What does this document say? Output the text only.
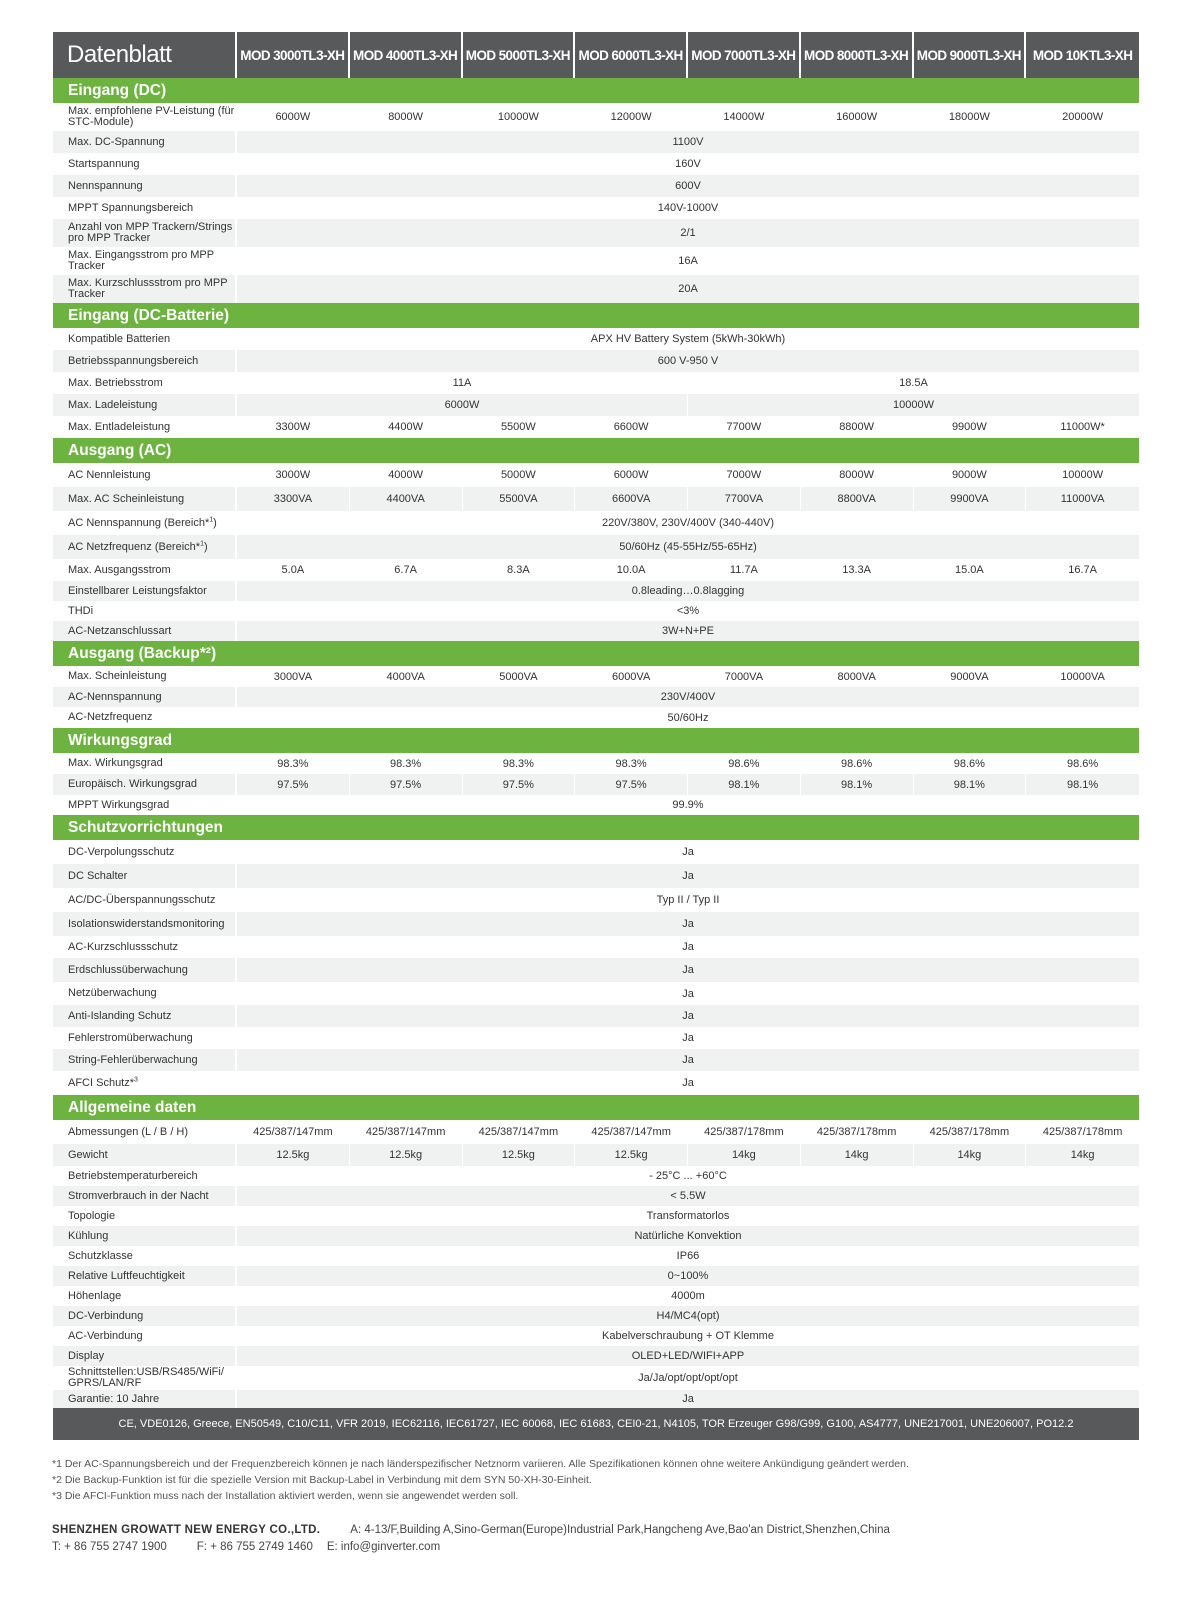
Datenblatt	MOD 3000TL3-XH	MOD 4000TL3-XH	MOD 5000TL3-XH	MOD 6000TL3-XH	MOD 7000TL3-XH	MOD 8000TL3-XH	MOD 9000TL3-XH	MOD 10KTL3-XH
Eingang (DC)								
Max. empfohlene PV-Leistung (für STC-Module)	6000W	8000W	10000W	12000W	14000W	16000W	18000W	20000W
Max. DC-Spannung	1100V							
Startspannung	160V							
Nennspannung	600V							
MPPT Spannungsbereich	140V-1000V							
Anzahl von MPP Trackern/Strings pro MPP Tracker	2/1							
Max. Eingangsstrom pro MPP Tracker	16A							
Max. Kurzschlussstrom pro MPP Tracker	20A							
Eingang (DC-Batterie)								
Kompatible Batterien	APX HV Battery System (5kWh-30kWh)							
Betriebsspannungsbereich	600 V-950 V							
Max. Betriebsstrom	11A				18.5A			
Max. Ladeleistung	6000W				10000W			
Max. Entladeleistung	3300W	4400W	5500W	6600W	7700W	8800W	9900W	11000W*
Ausgang (AC)								
AC Nennleistung	3000W	4000W	5000W	6000W	7000W	8000W	9000W	10000W
Max. AC Scheinleistung	3300VA	4400VA	5500VA	6600VA	7700VA	8800VA	9900VA	11000VA
AC Nennspannung (Bereich*$^1$)	220V/380V, 230V/400V (340-440V)							
AC Netzfrequenz (Bereich*$^1$)	50/60Hz (45-55Hz/55-65Hz)							
Max. Ausgangsstrom	5.0A	6.7A	8.3A	10.0A	11.7A	13.3A	15.0A	16.7A
Einstellbarer Leistungsfaktor	0.8leading…0.8lagging							
THDi	<3%							
AC-Netzanschlussart	3W+N+PE							
Ausgang (Backup*²)								
Max. Scheinleistung	3000VA	4000VA	5000VA	6000VA	7000VA	8000VA	9000VA	10000VA
AC-Nennspannung	230V/400V							
AC-Netzfrequenz	50/60Hz							
Wirkungsgrad								
Max. Wirkungsgrad	98.3%	98.3%	98.3%	98.3%	98.6%	98.6%	98.6%	98.6%
Europäisch. Wirkungsgrad	97.5%	97.5%	97.5%	97.5%	98.1%	98.1%	98.1%	98.1%
MPPT Wirkungsgrad	99.9%							
Schutzvorrichtungen								
DC-Verpolungsschutz	Ja							
DC Schalter	Ja							
AC/DC-Überspannungsschutz	Typ II / Typ II							
Isolationswiderstandsmonitoring	Ja							
AC-Kurzschlussschutz	Ja							
Erdschlussüberwachung	Ja							
Netzüberwachung	Ja							
Anti-Islanding Schutz	Ja							
Fehlerstromüberwachung	Ja							
String-Fehlerüberwachung	Ja							
AFCI Schutz*$^3$	Ja							
Allgemeine daten								
Abmessungen (L / B / H)	425/387/147mm	425/387/147mm	425/387/147mm	425/387/147mm	425/387/178mm	425/387/178mm	425/387/178mm	425/387/178mm
Gewicht	12.5kg	12.5kg	12.5kg	12.5kg	14kg	14kg	14kg	14kg
Betriebstemperaturbereich	- 25°C ... +60°C							
Stromverbrauch in der Nacht	< 5.5W							
Topologie	Transformatorlos							
Kühlung	Natürliche Konvektion							
Schutzklasse	IP66							
Relative Luftfeuchtigkeit	0~100%							
Höhenlage	4000m							
DC-Verbindung	H4/MC4(opt)							
AC-Verbindung	Kabelverschraubung + OT Klemme							
Display	OLED+LED/WIFI+APP							
Schnittstellen:USB/RS485/WiFi/ GPRS/LAN/RF	Ja/Ja/opt/opt/opt/opt							
Garantie: 10 Jahre	Ja							
CE, VDE0126, Greece, EN50549, C10/C11, VFR 2019, IEC62116, IEC61727, IEC 60068, IEC 61683, CEI0-21, N4105, TOR Erzeuger G98/G99, G100, AS4777, UNE217001, UNE206007, PO12.2								
*1 Der AC-Spannungsbereich und der Frequenzbereich können je nach länderspezifischer Netznorm variieren. Alle Spezifikationen können ohne weitere Ankündigung geändert werden.
*2 Die Backup-Funktion ist für die spezielle Version mit Backup-Label in Verbindung mit dem SYN 50-XH-30-Einheit.
*3 Die AFCI-Funktion muss nach der Installation aktiviert werden, wenn sie angewendet werden soll.
SHENZHEN GROWATT NEW ENERGY CO.,LTD.	A: 4-13/F,Building A,Sino-German(Europe)Industrial Park,Hangcheng Ave,Bao'an District,Shenzhen,China
T: + 86 755 2747 1900	F: + 86 755 2749 1460 E: info@ginverter.com
